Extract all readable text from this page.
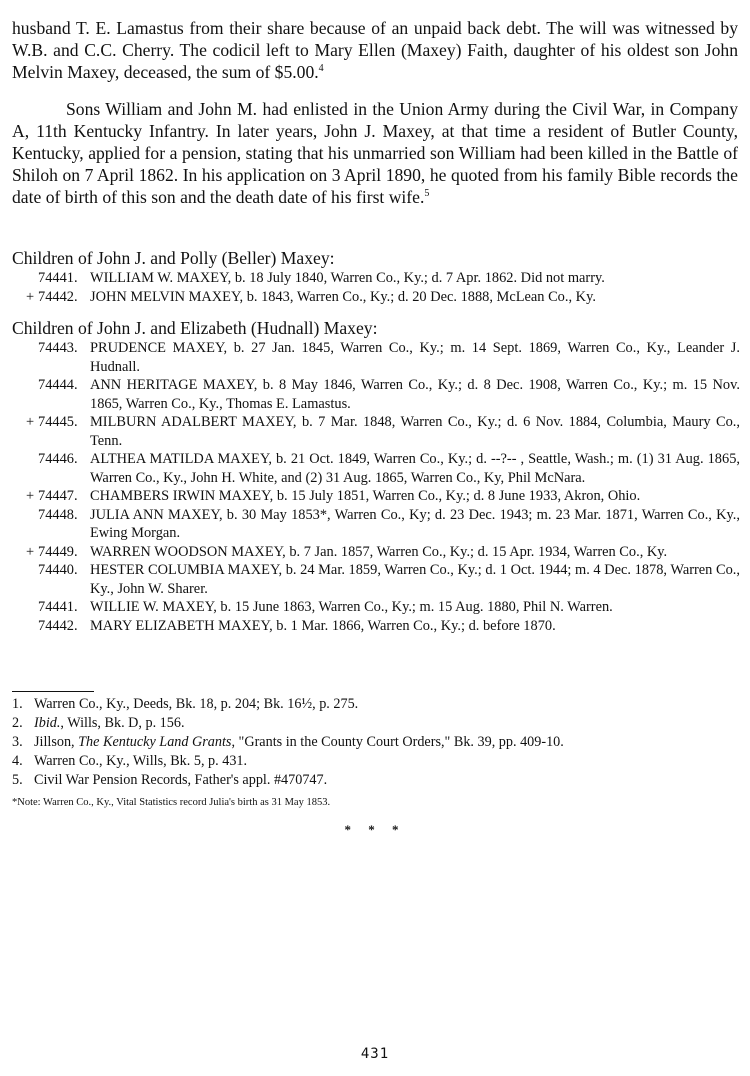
husband T. E. Lamastus from their share because of an unpaid back debt. The will was witnessed by W.B. and C.C. Cherry. The codicil left to Mary Ellen (Maxey) Faith, daughter of his oldest son John Melvin Maxey, deceased, the sum of $5.00.$^4$

Sons William and John M. had enlisted in the Union Army during the Civil War, in Company A, 11th Kentucky Infantry. In later years, John J. Maxey, at that time a resident of Butler County, Kentucky, applied for a pension, stating that his unmarried son William had been killed in the Battle of Shiloh on 7 April 1862. In his application on 3 April 1890, he quoted from his family Bible records the date of birth of this son and the death date of his first wife.$^5$

Children of John J. and Polly (Beller) Maxey:
74441. WILLIAM W. MAXEY, b. 18 July 1840, Warren Co., Ky.; d. 7 Apr. 1862. Did not marry.
+ 74442. JOHN MELVIN MAXEY, b. 1843, Warren Co., Ky.; d. 20 Dec. 1888, McLean Co., Ky.
Children of John J. and Elizabeth (Hudnall) Maxey:
74443. PRUDENCE MAXEY, b. 27 Jan. 1845, Warren Co., Ky.; m. 14 Sept. 1869, Warren Co., Ky., Leander J. Hudnall.
74444. ANN HERITAGE MAXEY, b. 8 May 1846, Warren Co., Ky.; d. 8 Dec. 1908, Warren Co., Ky.; m. 15 Nov. 1865, Warren Co., Ky., Thomas E. Lamastus.
+ 74445. MILBURN ADALBERT MAXEY, b. 7 Mar. 1848, Warren Co., Ky.; d. 6 Nov. 1884, Columbia, Maury Co., Tenn.
74446. ALTHEA MATILDA MAXEY, b. 21 Oct. 1849, Warren Co., Ky.; d. --?-- , Seattle, Wash.; m. (1) 31 Aug. 1865, Warren Co., Ky., John H. White, and (2) 31 Aug. 1865, Warren Co., Ky, Phil McNara.
+ 74447. CHAMBERS IRWIN MAXEY, b. 15 July 1851, Warren Co., Ky.; d. 8 June 1933, Akron, Ohio.
74448. JULIA ANN MAXEY, b. 30 May 1853*, Warren Co., Ky; d. 23 Dec. 1943; m. 23 Mar. 1871, Warren Co., Ky., Ewing Morgan.
+ 74449. WARREN WOODSON MAXEY, b. 7 Jan. 1857, Warren Co., Ky.; d. 15 Apr. 1934, Warren Co., Ky.
74440. HESTER COLUMBIA MAXEY, b. 24 Mar. 1859, Warren Co., Ky.; d. 1 Oct. 1944; m. 4 Dec. 1878, Warren Co., Ky., John W. Sharer.
74441. WILLIE W. MAXEY, b. 15 June 1863, Warren Co., Ky.; m. 15 Aug. 1880, Phil N. Warren.
74442. MARY ELIZABETH MAXEY, b. 1 Mar. 1866, Warren Co., Ky.; d. before 1870.
1. Warren Co., Ky., Deeds, Bk. 18, p. 204; Bk. 16½, p. 275.
2. Ibid., Wills, Bk. D, p. 156.
3. Jillson, The Kentucky Land Grants, "Grants in the County Court Orders," Bk. 39, pp. 409-10.
4. Warren Co., Ky., Wills, Bk. 5, p. 431.
5. Civil War Pension Records, Father's appl. #470747.
*Note: Warren Co., Ky., Vital Statistics record Julia's birth as 31 May 1853.
* * *
431
